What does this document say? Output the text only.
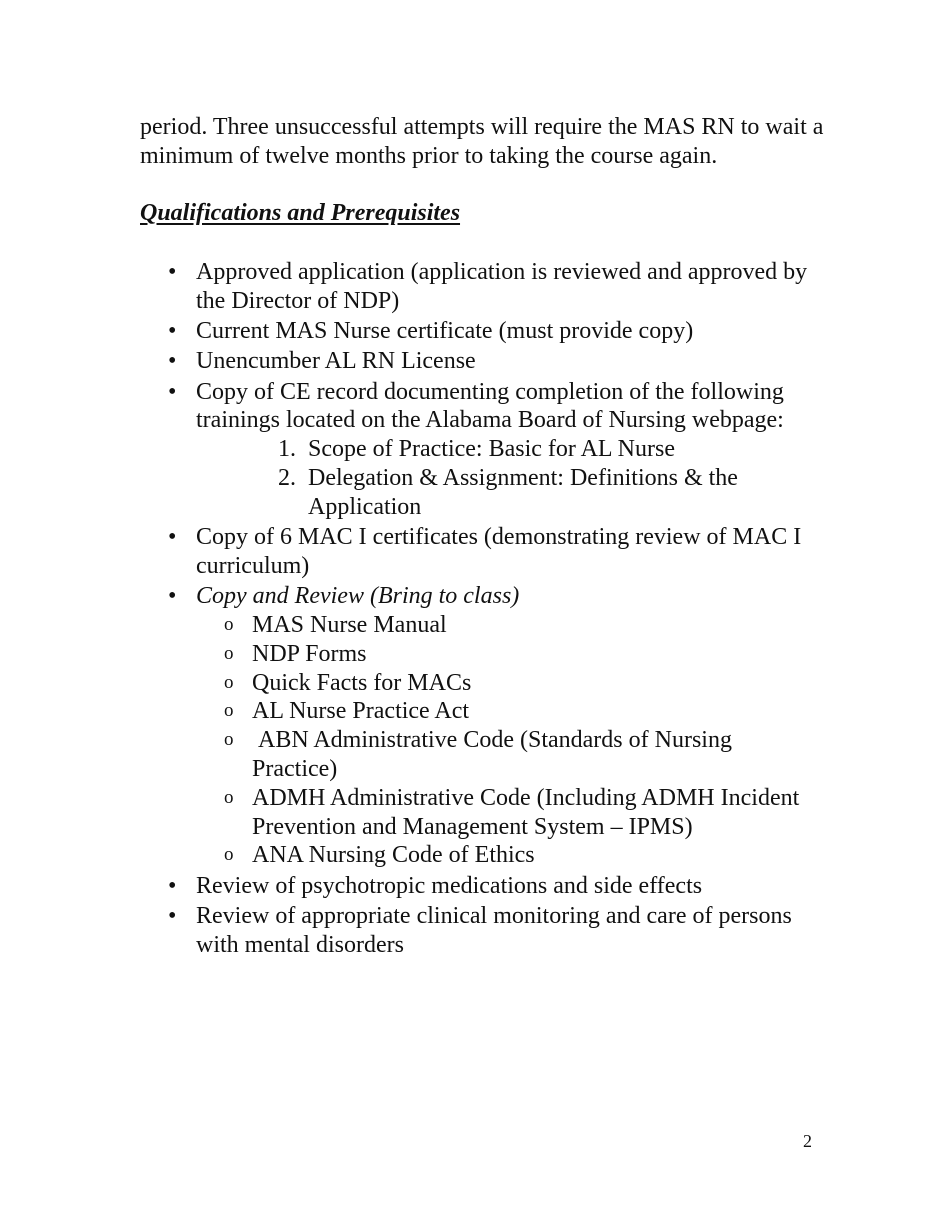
period. Three unsuccessful attempts will require the MAS RN to wait a minimum of twelve months prior to taking the course again.

Qualifications and Prerequisites
• Approved application (application is reviewed and approved by the Director of NDP)
• Current MAS Nurse certificate (must provide copy)
• Unencumber AL RN License
• Copy of CE record documenting completion of the following trainings located on the Alabama Board of Nursing webpage:
1. Scope of Practice: Basic for AL Nurse
2. Delegation & Assignment: Definitions & the Application
• Copy of 6 MAC I certificates (demonstrating review of MAC I curriculum)
• Copy and Review (Bring to class)
o MAS Nurse Manual
o NDP Forms
o Quick Facts for MACs
o AL Nurse Practice Act
o ABN Administrative Code (Standards of Nursing Practice)
o ADMH Administrative Code (Including ADMH Incident Prevention and Management System – IPMS)
o ANA Nursing Code of Ethics
• Review of psychotropic medications and side effects
• Review of appropriate clinical monitoring and care of persons with mental disorders
2
